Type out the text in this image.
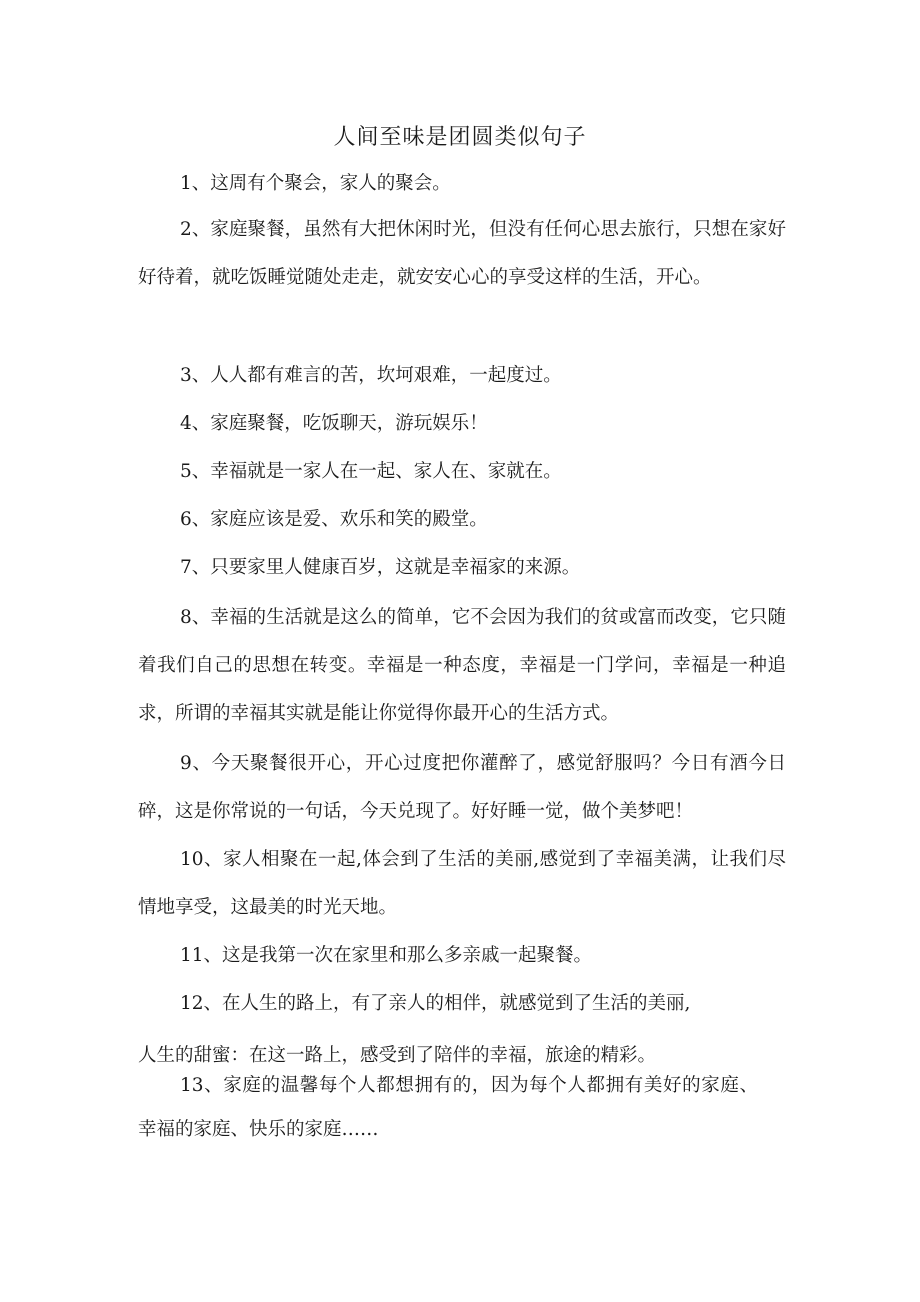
人间至味是团圆类似句子

1、这周有个聚会，家人的聚会。

2、家庭聚餐，虽然有大把休闲时光，但没有任何心思去旅行，只想在家好好待着，就吃饭睡觉随处走走，就安安心心的享受这样的生活，开心。

3、人人都有难言的苦，坎坷艰难，一起度过。

4、家庭聚餐，吃饭聊天，游玩娱乐！

5、幸福就是一家人在一起、家人在、家就在。

6、家庭应该是爱、欢乐和笑的殿堂。

7、只要家里人健康百岁，这就是幸福家的来源。

8、幸福的生活就是这么的简单，它不会因为我们的贫或富而改变，它只随着我们自己的思想在转变。幸福是一种态度，幸福是一门学问，幸福是一种追求，所谓的幸福其实就是能让你觉得你最开心的生活方式。

9、今天聚餐很开心，开心过度把你灌醉了，感觉舒服吗？今日有酒今日碎，这是你常说的一句话，今天兑现了。好好睡一觉，做个美梦吧！

10、家人相聚在一起,体会到了生活的美丽,感觉到了幸福美满，让我们尽情地享受，这最美的时光天地。

11、这是我第一次在家里和那么多亲戚一起聚餐。

12、在人生的路上，有了亲人的相伴，就感觉到了生活的美丽,

人生的甜蜜：在这一路上，感受到了陪伴的幸福，旅途的精彩。

13、家庭的温馨每个人都想拥有的，因为每个人都拥有美好的家庭、幸福的家庭、快乐的家庭……
